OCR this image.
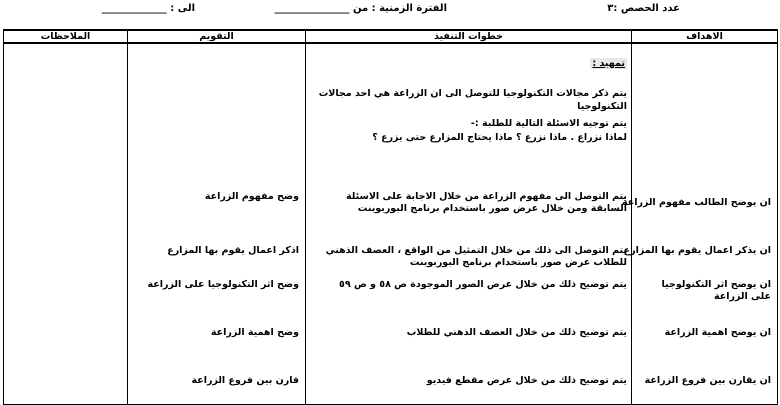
عدد الحصص :٣
الفترة الزمنية : من _______________
الى : _____________
الاهداف	خطوات التنفيذ	التقويم	الملاحظات

	تمهيد :
يتم ذكر مجالات التكنولوجيا للتوصل الى ان الزراعة هي احد مجالات
التكنولوجيا
يتم توجيه الاسئلة التالية للطلبة :-
لماذا نزراع . ماذا نزرع ؟ ماذا يحتاج المزارع حتى يزرع ؟		

ان يوضح الطالب مفهوم الزراعة	يتم التوصل الى مفهوم الزراعة من خلال الاجابة على الاسئلة السابقة ومن خلال عرض صور باستخدام برنامج البوربوينت	وضح مفهوم الزراعة	

ان يذكر اعمال يقوم بها المزارع	يتم التوصل الى ذلك من خلال التمثيل من الواقع ، العصف الذهني للطلاب عرض صور باستخدام برنامج البوربوينت	اذكر اعمال يقوم بها المزارع	

ان يوضح اثر التكنولوجيا على الزراعة	يتم توضيح ذلك من خلال عرض الصور الموجودة ص ٥٨ و ص ٥٩	وضح اثر التكنولوجيا على الزراعة	

ان يوضح اهمية الزراعة	يتم توضيح ذلك من خلال العصف الذهني للطلاب	وضح اهمية الزراعة	

ان يقارن بين فروع الزراعة	يتم توضيح ذلك من خلال عرض مقطع فيديو	قارن بين فروع الزراعة	
